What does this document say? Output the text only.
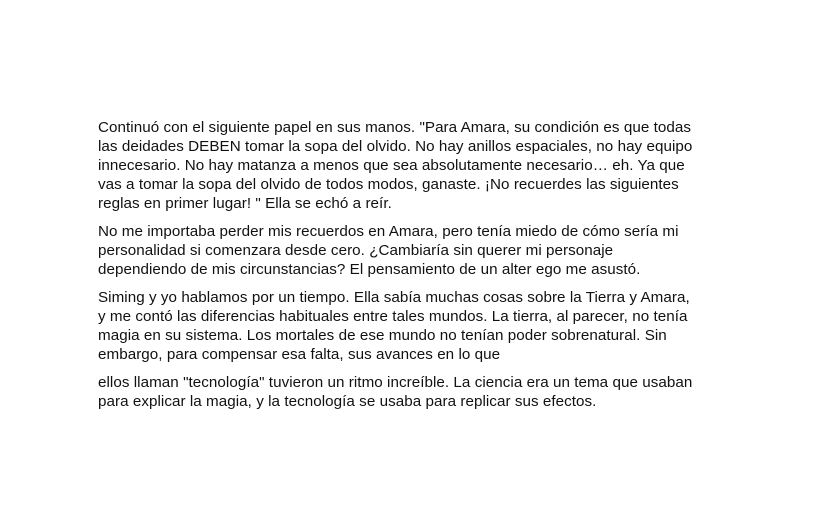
Continuó con el siguiente papel en sus manos. "Para Amara, su condición es que todas
las deidades DEBEN tomar la sopa del olvido. No hay anillos espaciales, no hay equipo
innecesario. No hay matanza a menos que sea absolutamente necesario… eh. Ya que
vas a tomar la sopa del olvido de todos modos, ganaste. ¡No recuerdes las siguientes
reglas en primer lugar! " Ella se echó a reír.

No me importaba perder mis recuerdos en Amara, pero tenía miedo de cómo sería mi
personalidad si comenzara desde cero. ¿Cambiaría sin querer mi personaje
dependiendo de mis circunstancias? El pensamiento de un alter ego me asustó.

Siming y yo hablamos por un tiempo. Ella sabía muchas cosas sobre la Tierra y Amara,
y me contó las diferencias habituales entre tales mundos. La tierra, al parecer, no tenía
magia en su sistema. Los mortales de ese mundo no tenían poder sobrenatural. Sin
embargo, para compensar esa falta, sus avances en lo que

ellos llaman "tecnología" tuvieron un ritmo increíble. La ciencia era un tema que usaban
para explicar la magia, y la tecnología se usaba para replicar sus efectos.
